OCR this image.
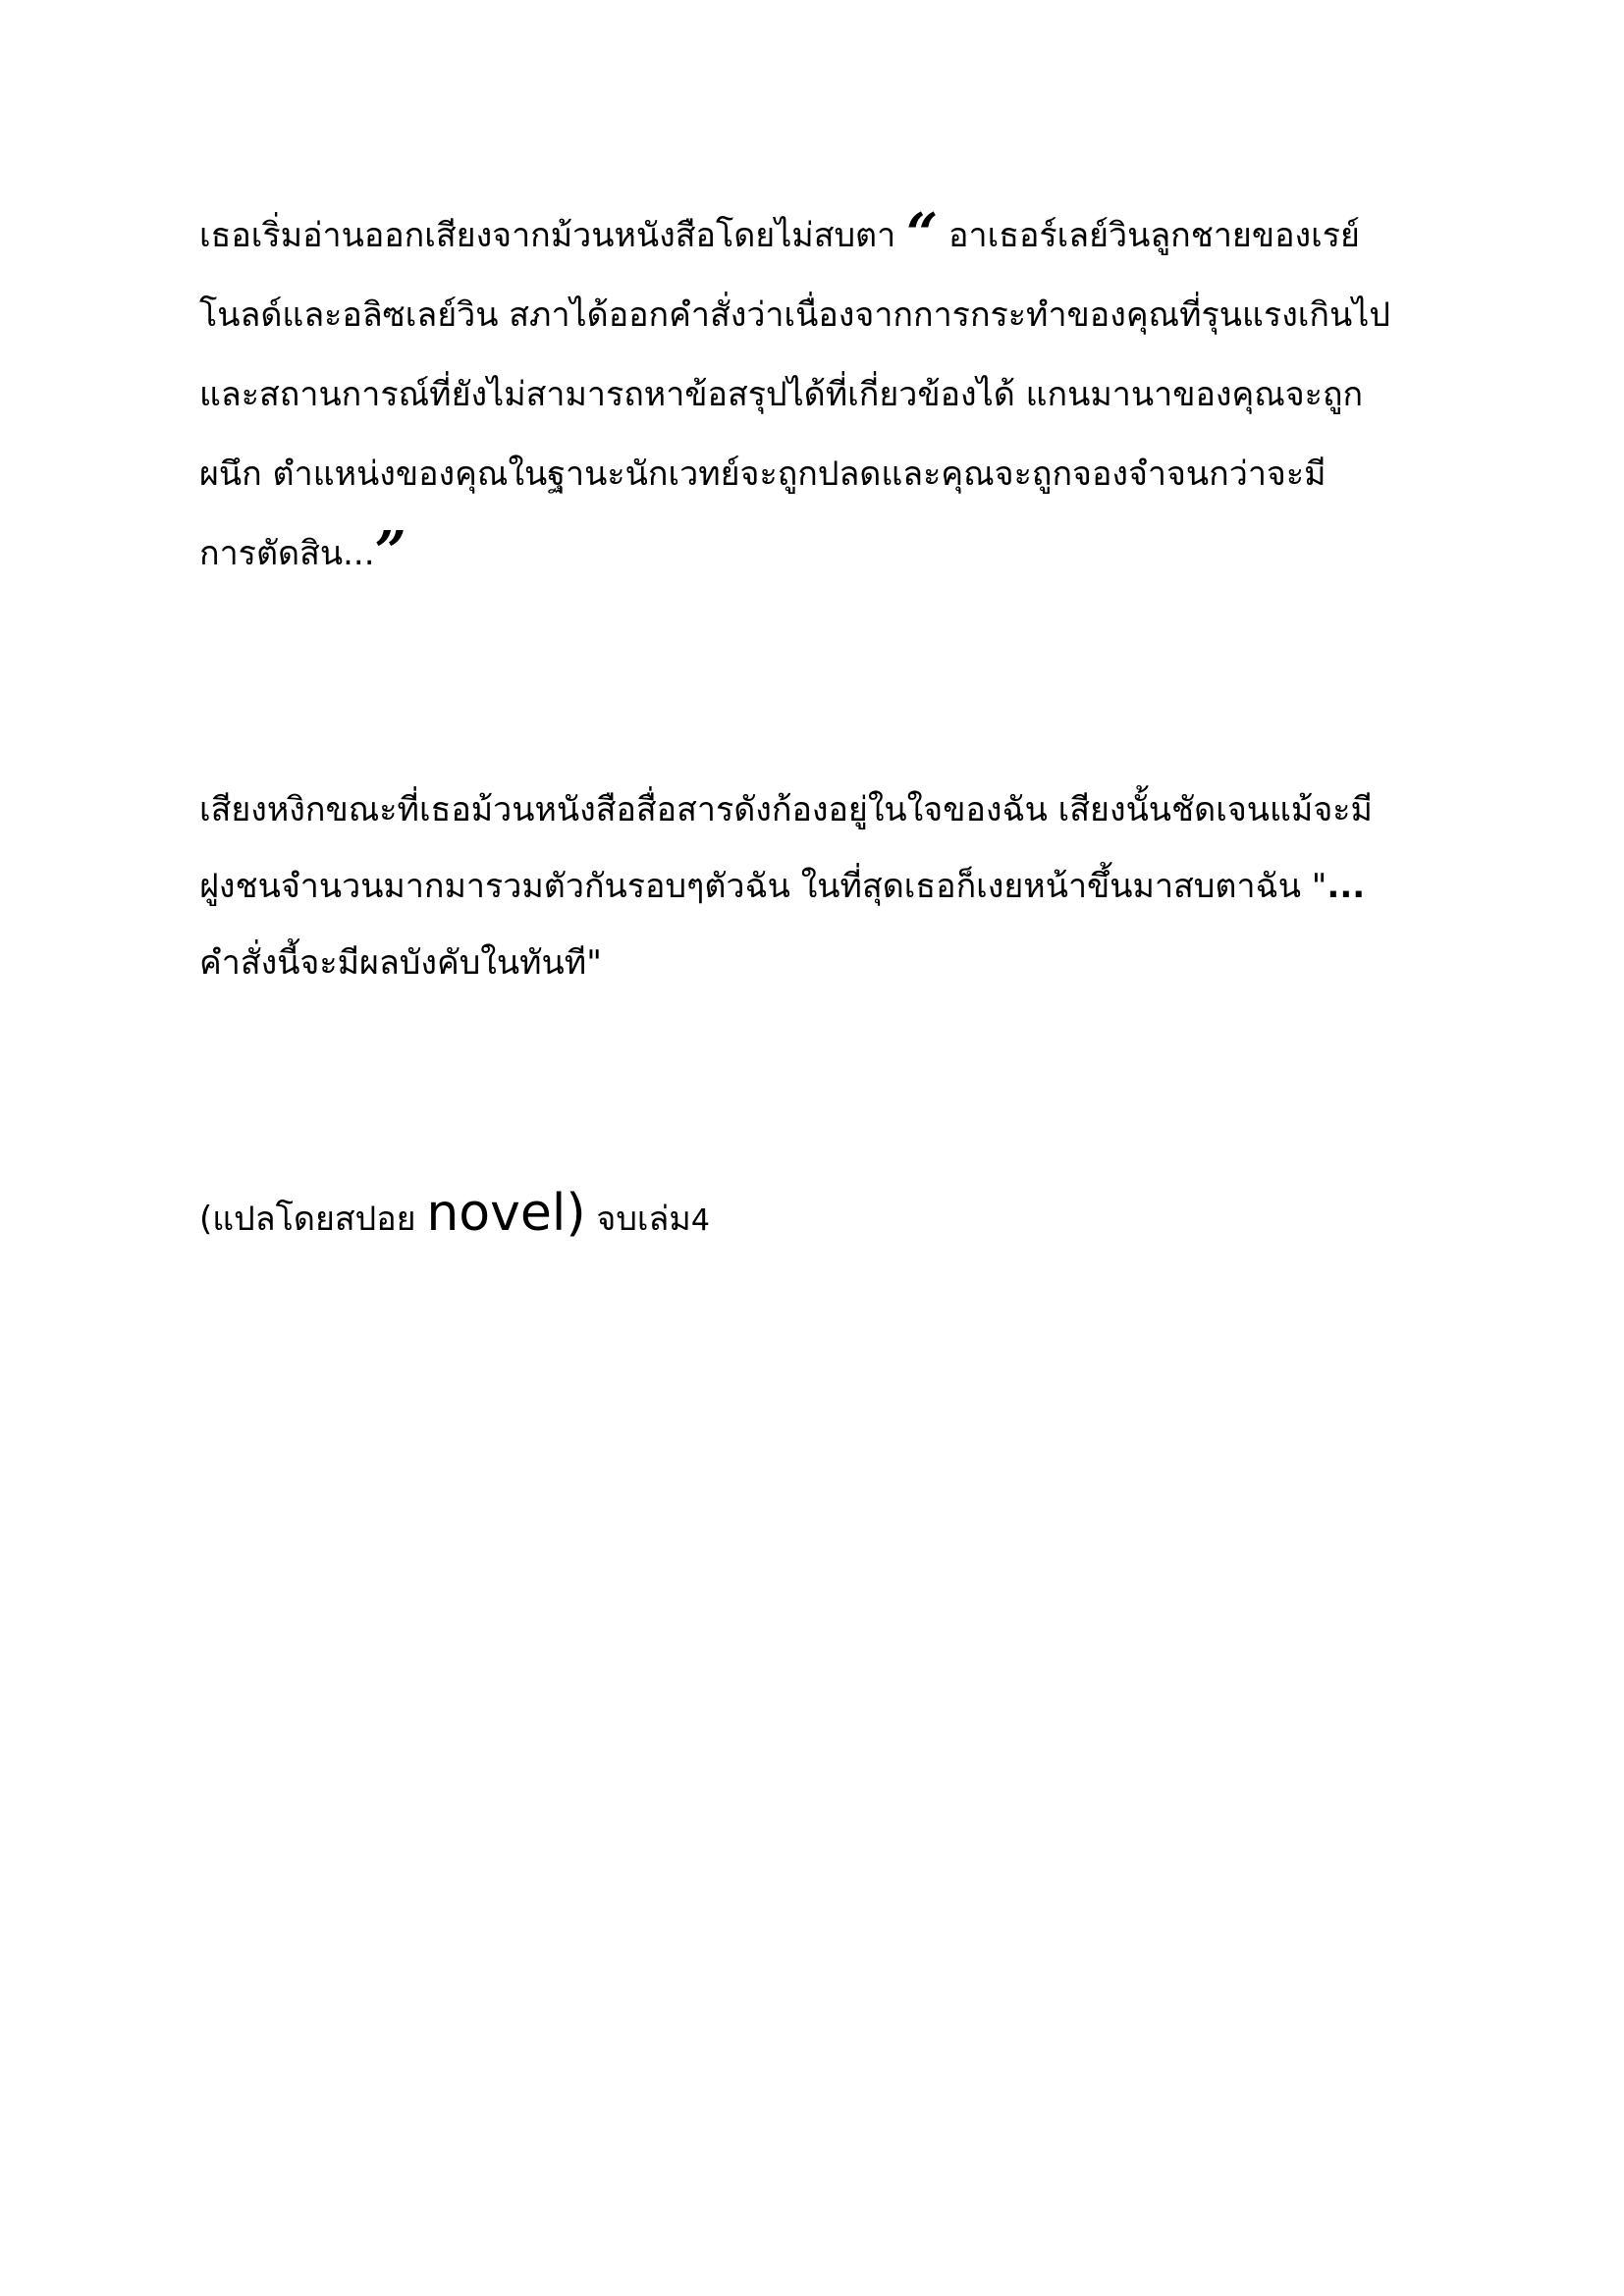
เธอเริ่มอ่านออกเสียงจากม้วนหนังสือโดยไม่สบตา “ อาเธอร์เลย์วินลูกชายของเรย์
โนลด์และอลิซเลย์วิน สภาได้ออกคำสั่งว่าเนื่องจากการกระทำของคุณที่รุนแรงเกินไป
และสถานการณ์ที่ยังไม่สามารถหาข้อสรุปได้ที่เกี่ยวข้องได้ แกนมานาของคุณจะถูก
ผนึก ตำแหน่งของคุณในฐานะนักเวทย์จะถูกปลดและคุณจะถูกจองจำจนกว่าจะมี
การตัดสิน...”
เสียงหงิกขณะที่เธอม้วนหนังสือสื่อสารดังก้องอยู่ในใจของฉัน เสียงนั้นชัดเจนแม้จะมี
ฝูงชนจำนวนมากมารวมตัวกันรอบๆตัวฉัน ในที่สุดเธอก็เงยหน้าขึ้นมาสบตาฉัน "...
คำสั่งนี้จะมีผลบังคับในทันที"
(แปลโดยสปอย novel) จบเล่ม4
